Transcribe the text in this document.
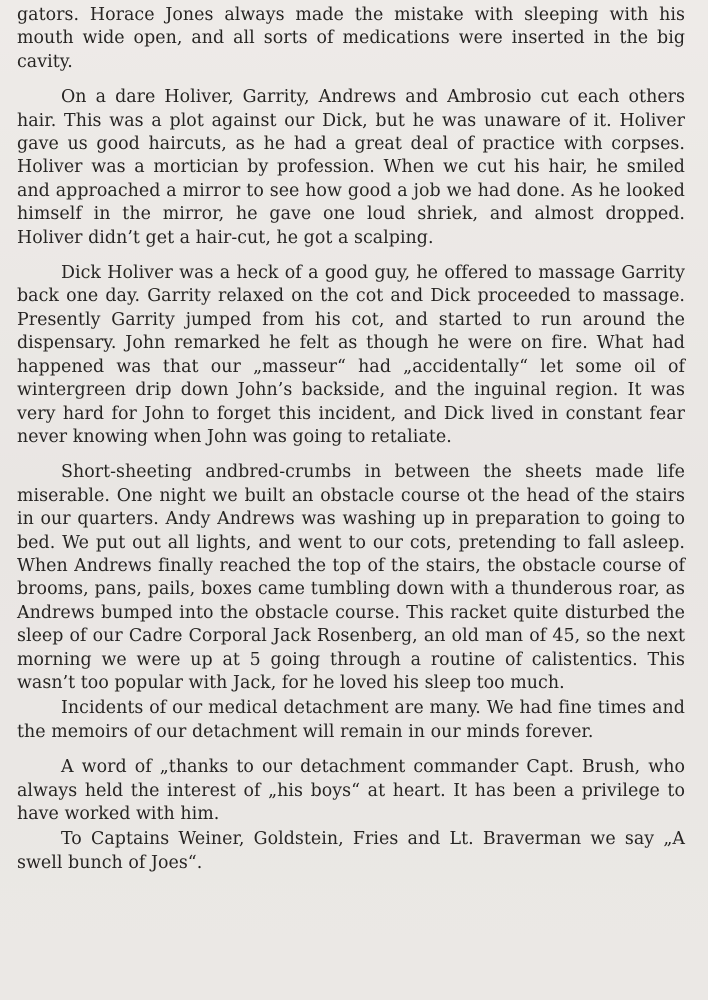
gators. Horace Jones always made the mistake with sleeping with his mouth wide open, and all sorts of medications were inserted in the big cavity.

On a dare Holiver, Garrity, Andrews and Ambrosio cut each others hair. This was a plot against our Dick, but he was unaware of it. Holiver gave us good haircuts, as he had a great deal of practice with corpses. Holiver was a mortician by profession. When we cut his hair, he smiled and approached a mirror to see how good a job we had done. As he looked himself in the mirror, he gave one loud shriek, and almost dropped. Holiver didn’t get a hair-cut, he got a scalping.

Dick Holiver was a heck of a good guy, he offered to massage Garrity back one day. Garrity relaxed on the cot and Dick proceeded to massage. Presently Garrity jumped from his cot, and started to run around the dispensary. John remarked he felt as though he were on fire. What had happened was that our „masseur“ had „accidentally“ let some oil of wintergreen drip down John’s backside, and the inguinal region. It was very hard for John to forget this incident, and Dick lived in constant fear never knowing when John was going to retaliate.

Short-sheeting andbred-crumbs in between the sheets made life miserable. One night we built an obstacle course ot the head of the stairs in our quarters. Andy Andrews was washing up in preparation to going to bed. We put out all lights, and went to our cots, pretending to fall asleep. When Andrews finally reached the top of the stairs, the obstacle course of brooms, pans, pails, boxes came tumbling down with a thunderous roar, as Andrews bumped into the obstacle course. This racket quite disturbed the sleep of our Cadre Corporal Jack Rosenberg, an old man of 45, so the next morning we were up at 5 going through a routine of calistentics. This wasn’t too popular with Jack, for he loved his sleep too much.

Incidents of our medical detachment are many. We had fine times and the memoirs of our detachment will remain in our minds forever.

A word of „thanks to our detachment commander Capt. Brush, who always held the interest of „his boys“ at heart. It has been a privilege to have worked with him.

To Captains Weiner, Goldstein, Fries and Lt. Braverman we say „A swell bunch of Joes“.
